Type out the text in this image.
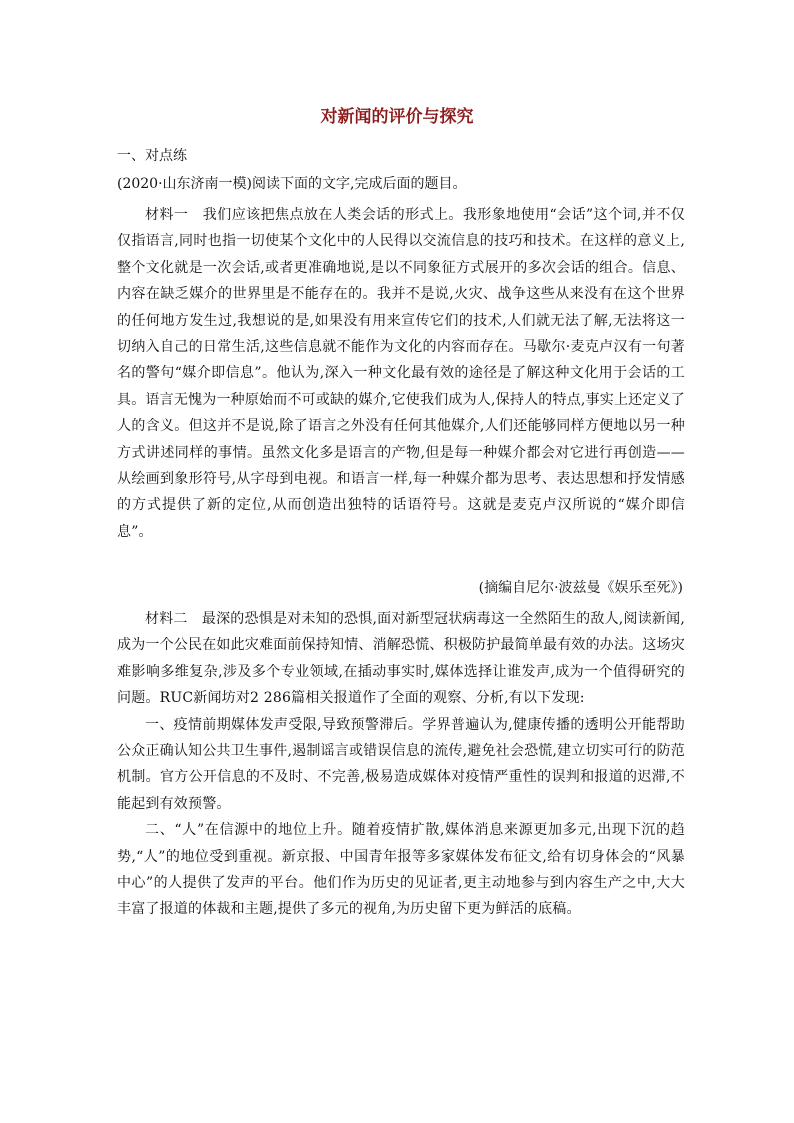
对新闻的评价与探究
一、对点练
(2020·山东济南一模)阅读下面的文字,完成后面的题目。

材料一　我们应该把焦点放在人类会话的形式上。我形象地使用“会话”这个词,并不仅仅指语言,同时也指一切使某个文化中的人民得以交流信息的技巧和技术。在这样的意义上,整个文化就是一次会话,或者更准确地说,是以不同象征方式展开的多次会话的组合。信息、内容在缺乏媒介的世界里是不能存在的。我并不是说,火灾、战争这些从来没有在这个世界的任何地方发生过,我想说的是,如果没有用来宣传它们的技术,人们就无法了解,无法将这一切纳入自己的日常生活,这些信息就不能作为文化的内容而存在。马歇尔·麦克卢汉有一句著名的警句“媒介即信息”。他认为,深入一种文化最有效的途径是了解这种文化用于会话的工具。语言无愧为一种原始而不可或缺的媒介,它使我们成为人,保持人的特点,事实上还定义了人的含义。但这并不是说,除了语言之外没有任何其他媒介,人们还能够同样方便地以另一种方式讲述同样的事情。虽然文化多是语言的产物,但是每一种媒介都会对它进行再创造——从绘画到象形符号,从字母到电视。和语言一样,每一种媒介都为思考、表达思想和抒发情感的方式提供了新的定位,从而创造出独特的话语符号。这就是麦克卢汉所说的“媒介即信息”。

(摘编自尼尔·波兹曼《娱乐至死》)

材料二　最深的恐惧是对未知的恐惧,面对新型冠状病毒这一全然陌生的敌人,阅读新闻,成为一个公民在如此灾难面前保持知情、消解恐慌、积极防护最简单最有效的办法。这场灾难影响多维复杂,涉及多个专业领域,在插动事实时,媒体选择让谁发声,成为一个值得研究的问题。RUC新闻坊对2 286篇相关报道作了全面的观察、分析,有以下发现:

一、疫情前期媒体发声受限,导致预警滞后。学界普遍认为,健康传播的透明公开能帮助公众正确认知公共卫生事件,遏制谣言或错误信息的流传,避免社会恐慌,建立切实可行的防范机制。官方公开信息的不及时、不完善,极易造成媒体对疫情严重性的误判和报道的迟滞,不能起到有效预警。

二、“人”在信源中的地位上升。随着疫情扩散,媒体消息来源更加多元,出现下沉的趋势,“人”的地位受到重视。新京报、中国青年报等多家媒体发布征文,给有切身体会的“风暴中心”的人提供了发声的平台。他们作为历史的见证者,更主动地参与到内容生产之中,大大丰富了报道的体裁和主题,提供了多元的视角,为历史留下更为鲜活的底稿。
